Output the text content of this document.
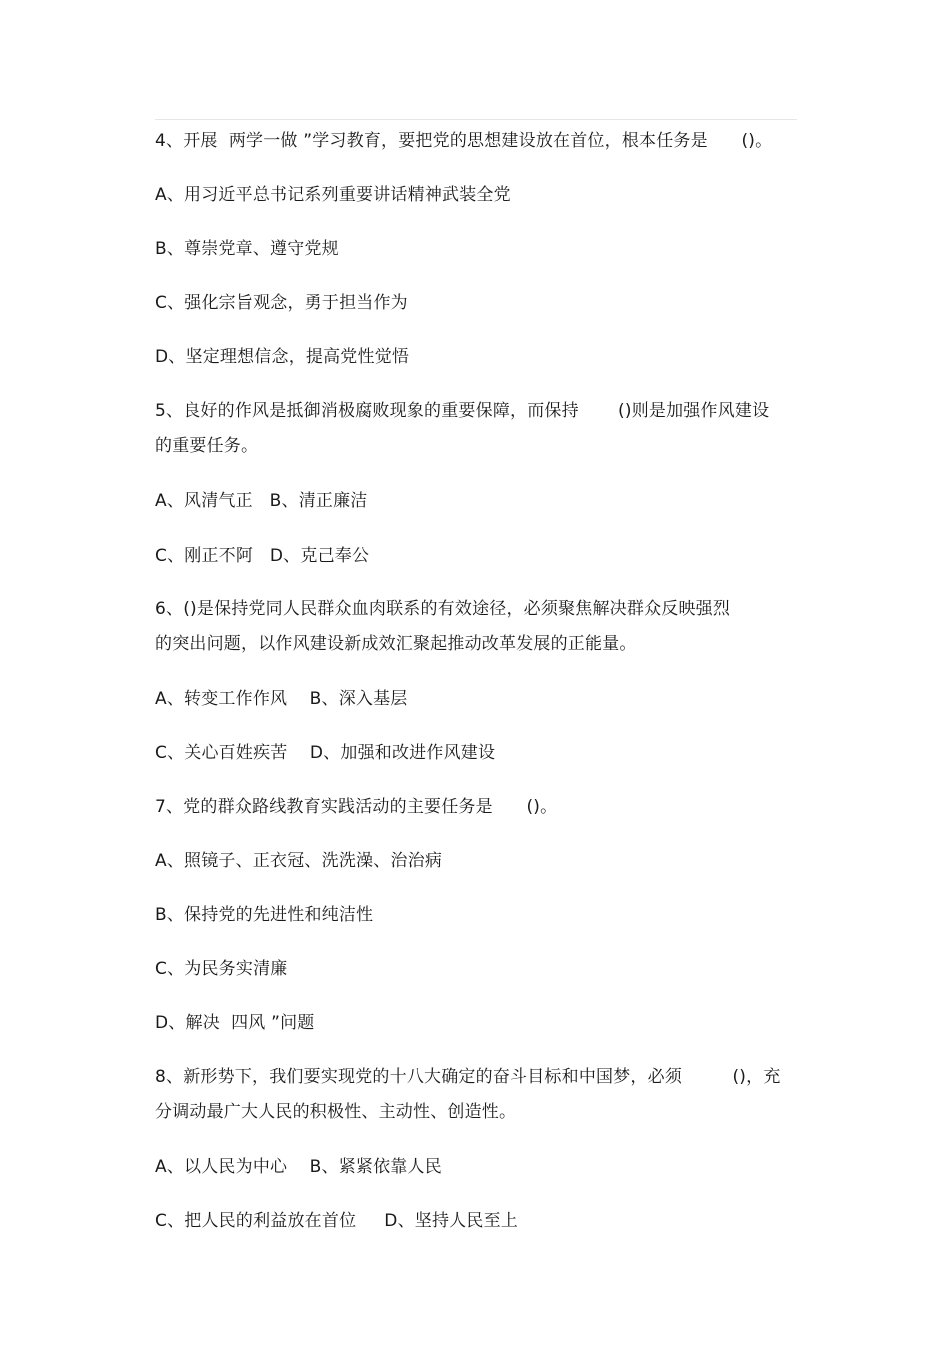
4、开展  两学一做 ”学习教育，要把党的思想建设放在首位，根本任务是      ()。

A、用习近平总书记系列重要讲话精神武装全党

B、尊崇党章、遵守党规

C、强化宗旨观念，勇于担当作为

D、坚定理想信念，提高党性觉悟

5、良好的作风是抵御消极腐败现象的重要保障，而保持       ()则是加强作风建设

的重要任务。

A、风清气正   B、清正廉洁

C、刚正不阿   D、克己奉公

6、()是保持党同人民群众血肉联系的有效途径，必须聚焦解决群众反映强烈

的突出问题，以作风建设新成效汇聚起推动改革发展的正能量。

A、转变工作作风    B、深入基层

C、关心百姓疾苦    D、加强和改进作风建设

7、党的群众路线教育实践活动的主要任务是      ()。

A、照镜子、正衣冠、洗洗澡、治治病

B、保持党的先进性和纯洁性

C、为民务实清廉

D、解决  四风 ”问题

8、新形势下，我们要实现党的十八大确定的奋斗目标和中国梦，必须         ()，充

分调动最广大人民的积极性、主动性、创造性。

A、以人民为中心    B、紧紧依靠人民

C、把人民的利益放在首位     D、坚持人民至上
